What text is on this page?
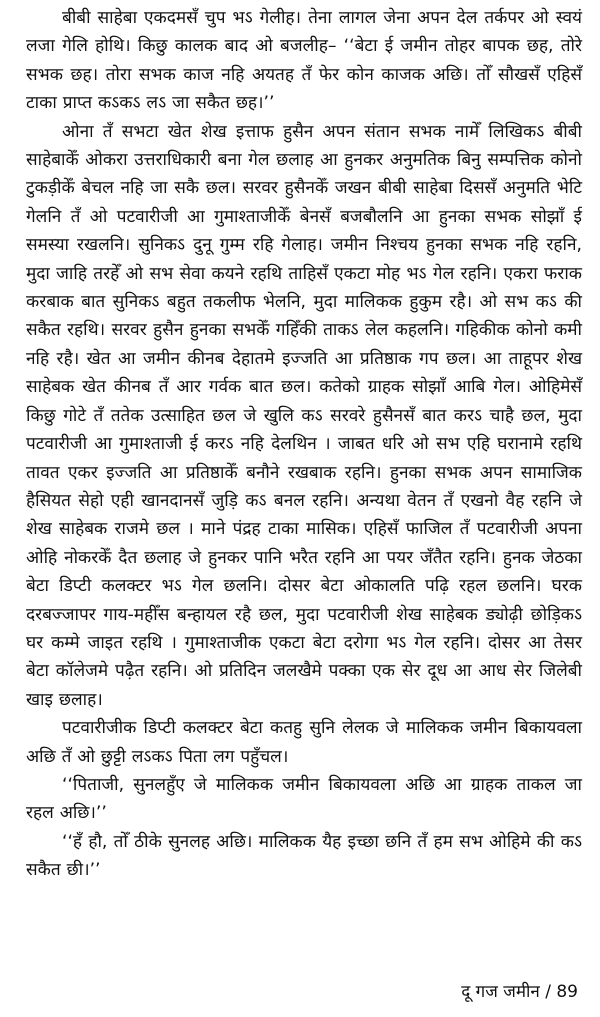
बीबी साहेबा एकदमसँ चुप भऽ गेलीह। तेना लागल जेना अपन देल तर्कपर ओ स्वयं लजा गेलि होथि। किछु कालक बाद ओ बजलीह– ‘‘बेटा ई जमीन तोहर बापक छह, तोरे सभक छह। तोरा सभक काज नहि अयतह तँ फेर कोन काजक अछि। तोँ सौखसँ एहिसँ टाका प्राप्त कऽकऽ लऽ जा सकैत छह।’’

ओना तँ सभटा खेत शेख इत्ताफ हुसैन अपन संतान सभक नामेँ लिखिकऽ बीबी साहेबाकेँ ओकरा उत्तराधिकारी बना गेल छलाह आ हुनकर अनुमतिक बिनु सम्पत्तिक कोनो टुकड़ीकेँ बेचल नहि जा सकै छल। सरवर हुसैनकेँ जखन बीबी साहेबा दिससँ अनुमति भेटि गेलनि तँ ओ पटवारीजी आ गुमाश्ताजीकेँ बेनसँ बजबौलनि आ हुनका सभक सोझाँ ई समस्या रखलनि। सुनिकऽ दुनू गुम्म रहि गेलाह। जमीन निश्चय हुनका सभक नहि रहनि, मुदा जाहि तरहेँ ओ सभ सेवा कयने रहथि ताहिसँ एकटा मोह भऽ गेल रहनि। एकरा फराक करबाक बात सुनिकऽ बहुत तकलीफ भेलनि, मुदा मालिकक हुकुम रहै। ओ सभ कऽ की सकैत रहथि। सरवर हुसैन हुनका सभकेँ गहिँकी ताकऽ लेल कहलनि। गहिकीक कोनो कमी नहि रहै। खेत आ जमीन कीनब देहातमे इज्जति आ प्रतिष्ठाक गप छल। आ ताहूपर शेख साहेबक खेत कीनब तँ आर गर्वक बात छल। कतेको ग्राहक सोझाँ आबि गेल। ओहिमेसँ किछु गोटे तँ ततेक उत्साहित छल जे खुलि कऽ सरवरे हुसैनसँ बात करऽ चाहै छल, मुदा पटवारीजी आ गुमाश्ताजी ई करऽ नहि देलथिन । जाबत धरि ओ सभ एहि घरानामे रहथि तावत एकर इज्जति आ प्रतिष्ठाकेँ बनौने रखबाक रहनि। हुनका सभक अपन सामाजिक हैसियत सेहो एही खानदानसँ जुड़ि कऽ बनल रहनि। अन्यथा वेतन तँ एखनो वैह रहनि जे शेख साहेबक राजमे छल । माने पंद्रह टाका मासिक। एहिसँ फाजिल तँ पटवारीजी अपना ओहि नोकरकेँ दैत छलाह जे हुनकर पानि भरैत रहनि आ पयर जँतैत रहनि। हुनक जेठका बेटा डिप्टी कलक्टर भऽ गेल छलनि। दोसर बेटा ओकालति पढ़ि रहल छलनि। घरक दरबज्जापर गाय-महीँस बन्हायल रहै छल, मुदा पटवारीजी शेख साहेबक ड्योढ़ी छोड़िकऽ घर कम्मे जाइत रहथि । गुमाश्ताजीक एकटा बेटा दरोगा भऽ गेल रहनि। दोसर आ तेसर बेटा कॉलेजमे पढ़ैत रहनि। ओ प्रतिदिन जलखैमे पक्का एक सेर दूध आ आध सेर जिलेबी खाइ छलाह।

पटवारीजीक डिप्टी कलक्टर बेटा कतहु सुनि लेलक जे मालिकक जमीन बिकायवला अछि तँ ओ छुट्टी लऽकऽ पिता लग पहुँचल।

‘‘पिताजी, सुनलहुँए जे मालिकक जमीन बिकायवला अछि आ ग्राहक ताकल जा रहल अछि।’’

‘‘हँ हौ, तोँ ठीके सुनलह अछि। मालिकक यैह इच्छा छनि तँ हम सभ ओहिमे की कऽ सकैत छी।’’

दू गज जमीन / 89
